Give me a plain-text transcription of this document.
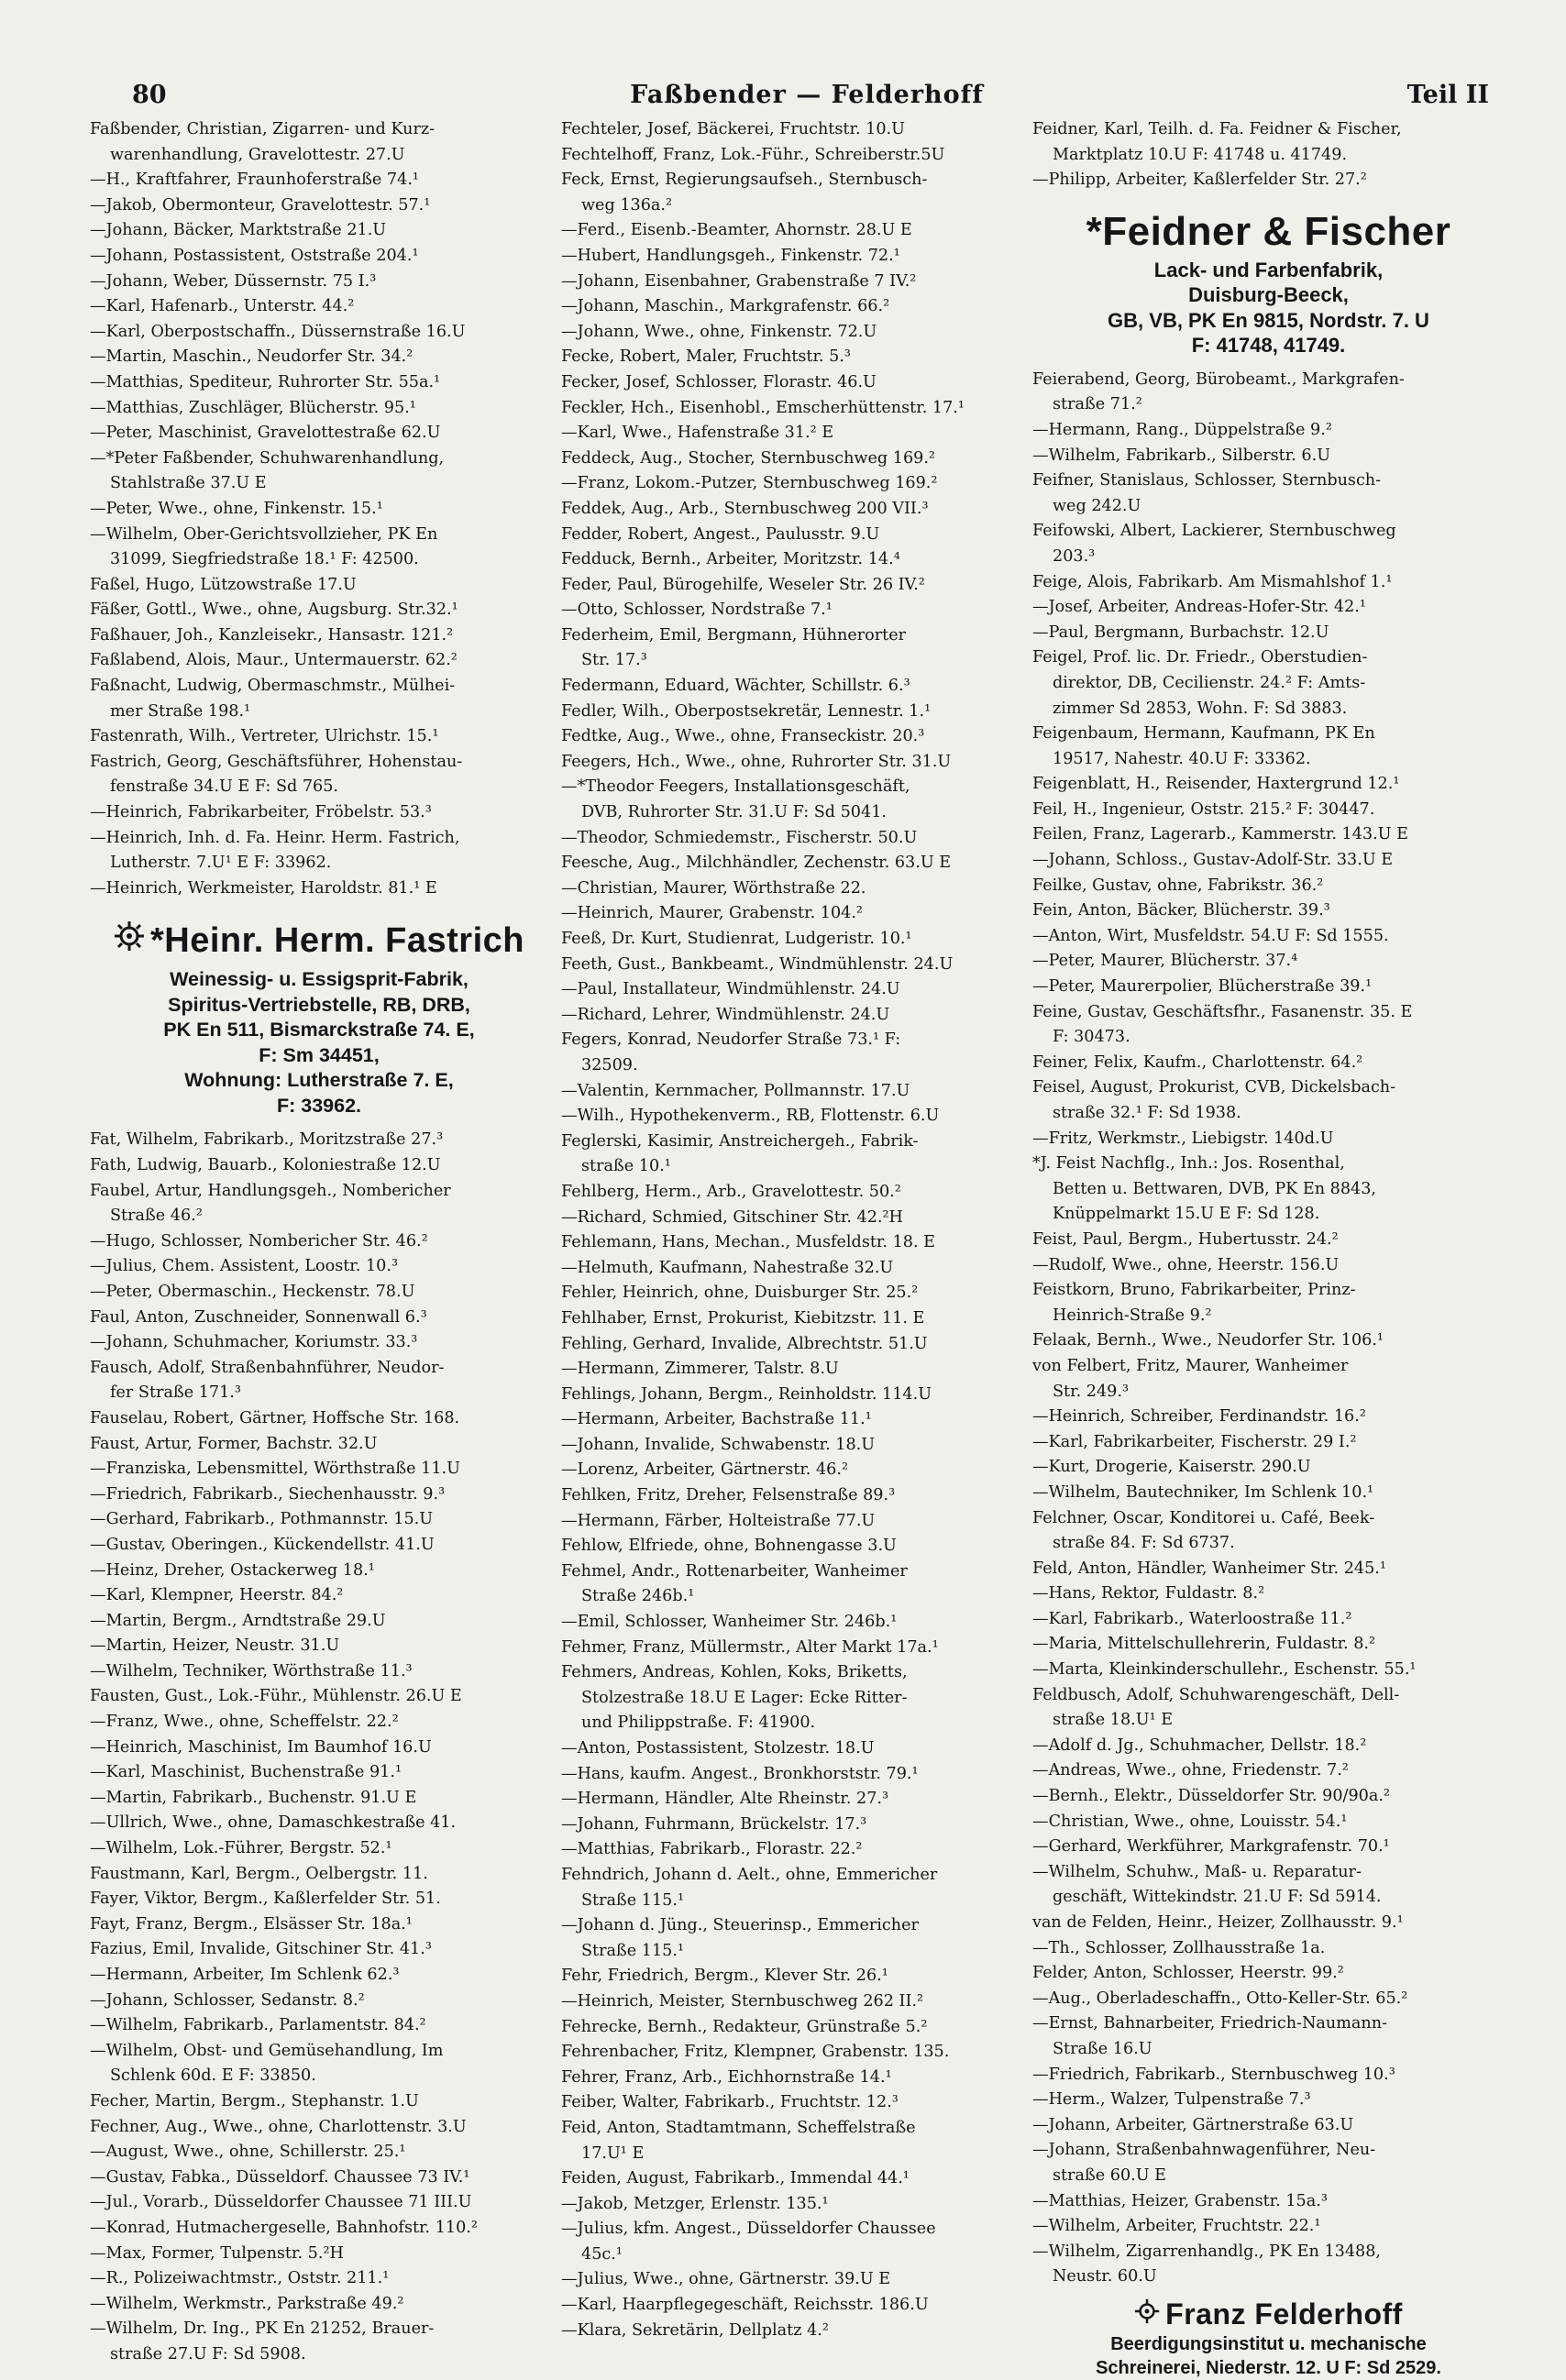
80	Faßbender — Felderhoff	Teil II
Faßbender, Christian, Zigarren- und Kurz-
warenhandlung, Gravelottestr. 27.U
—H., Kraftfahrer, Fraunhoferstraße 74.¹
—Jakob, Obermonteur, Gravelottestr. 57.¹
—Johann, Bäcker, Marktstraße 21.U
—Johann, Postassistent, Oststraße 204.¹
—Johann, Weber, Düssernstr. 75 I.³
—Karl, Hafenarb., Unterstr. 44.²
—Karl, Oberpostschaffn., Düssernstraße 16.U
—Martin, Maschin., Neudorfer Str. 34.²
—Matthias, Spediteur, Ruhrorter Str. 55a.¹
—Matthias, Zuschläger, Blücherstr. 95.¹
—Peter, Maschinist, Gravelottestraße 62.U
—*Peter Faßbender, Schuhwarenhandlung,
Stahlstraße 37.U E
—Peter, Wwe., ohne, Finkenstr. 15.¹
—Wilhelm, Ober-Gerichtsvollzieher, PK En
31099, Siegfriedstraße 18.¹ F: 42500.
Faßel, Hugo, Lützowstraße 17.U
Fäßer, Gottl., Wwe., ohne, Augsburg. Str.32.¹
Faßhauer, Joh., Kanzleisekr., Hansastr. 121.²
Faßlabend, Alois, Maur., Untermauerstr. 62.²
Faßnacht, Ludwig, Obermaschmstr., Mülhei-
mer Straße 198.¹
Fastenrath, Wilh., Vertreter, Ulrichstr. 15.¹
Fastrich, Georg, Geschäftsführer, Hohenstau-
fenstraße 34.U E F: Sd 765.
—Heinrich, Fabrikarbeiter, Fröbelstr. 53.³
—Heinrich, Inh. d. Fa. Heinr. Herm. Fastrich,
Lutherstr. 7.U¹ E F: 33962.
—Heinrich, Werkmeister, Haroldstr. 81.¹ E
*Heinr. Herm. Fastrich
Weinessig- u. Essigsprit-Fabrik,
Spiritus-Vertriebstelle, RB, DRB,
PK En 511, Bismarckstraße 74. E,
F: Sm 34451,
Wohnung: Lutherstraße 7. E,
F: 33962.
Fat, Wilhelm, Fabrikarb., Moritzstraße 27.³
Fath, Ludwig, Bauarb., Koloniestraße 12.U
Faubel, Artur, Handlungsgeh., Nombericher
Straße 46.²
—Hugo, Schlosser, Nombericher Str. 46.²
—Julius, Chem. Assistent, Loostr. 10.³
—Peter, Obermaschin., Heckenstr. 78.U
Faul, Anton, Zuschneider, Sonnenwall 6.³
—Johann, Schuhmacher, Koriumstr. 33.³
Fausch, Adolf, Straßenbahnführer, Neudor-
fer Straße 171.³
Fauselau, Robert, Gärtner, Hoffsche Str. 168.
Faust, Artur, Former, Bachstr. 32.U
—Franziska, Lebensmittel, Wörthstraße 11.U
—Friedrich, Fabrikarb., Siechenhausstr. 9.³
—Gerhard, Fabrikarb., Pothmannstr. 15.U
—Gustav, Oberingen., Kückendellstr. 41.U
—Heinz, Dreher, Ostackerweg 18.¹
—Karl, Klempner, Heerstr. 84.²
—Martin, Bergm., Arndtstraße 29.U
—Martin, Heizer, Neustr. 31.U
—Wilhelm, Techniker, Wörthstraße 11.³
Fausten, Gust., Lok.-Führ., Mühlenstr. 26.U E
—Franz, Wwe., ohne, Scheffelstr. 22.²
—Heinrich, Maschinist, Im Baumhof 16.U
—Karl, Maschinist, Buchenstraße 91.¹
—Martin, Fabrikarb., Buchenstr. 91.U E
—Ullrich, Wwe., ohne, Damaschkestraße 41.
—Wilhelm, Lok.-Führer, Bergstr. 52.¹
Faustmann, Karl, Bergm., Oelbergstr. 11.
Fayer, Viktor, Bergm., Kaßlerfelder Str. 51.
Fayt, Franz, Bergm., Elsässer Str. 18a.¹
Fazius, Emil, Invalide, Gitschiner Str. 41.³
—Hermann, Arbeiter, Im Schlenk 62.³
—Johann, Schlosser, Sedanstr. 8.²
—Wilhelm, Fabrikarb., Parlamentstr. 84.²
—Wilhelm, Obst- und Gemüsehandlung, Im
Schlenk 60d. E F: 33850.
Fecher, Martin, Bergm., Stephanstr. 1.U
Fechner, Aug., Wwe., ohne, Charlottenstr. 3.U
—August, Wwe., ohne, Schillerstr. 25.¹
—Gustav, Fabka., Düsseldorf. Chaussee 73 IV.¹
—Jul., Vorarb., Düsseldorfer Chaussee 71 III.U
—Konrad, Hutmachergeselle, Bahnhofstr. 110.²
—Max, Former, Tulpenstr. 5.²H
—R., Polizeiwachtmstr., Oststr. 211.¹
—Wilhelm, Werkmstr., Parkstraße 49.²
—Wilhelm, Dr. Ing., PK En 21252, Brauer-
straße 27.U F: Sd 5908.
Fechteler, Josef, Bäckerei, Fruchtstr. 10.U
Fechtelhoff, Franz, Lok.-Führ., Schreiberstr.5U
Feck, Ernst, Regierungsaufseh., Sternbusch-
weg 136a.²
—Ferd., Eisenb.-Beamter, Ahornstr. 28.U E
—Hubert, Handlungsgeh., Finkenstr. 72.¹
—Johann, Eisenbahner, Grabenstraße 7 IV.²
—Johann, Maschin., Markgrafenstr. 66.²
—Johann, Wwe., ohne, Finkenstr. 72.U
Fecke, Robert, Maler, Fruchtstr. 5.³
Fecker, Josef, Schlosser, Florastr. 46.U
Feckler, Hch., Eisenhobl., Emscherhüttenstr. 17.¹
—Karl, Wwe., Hafenstraße 31.² E
Feddeck, Aug., Stocher, Sternbuschweg 169.²
—Franz, Lokom.-Putzer, Sternbuschweg 169.²
Feddek, Aug., Arb., Sternbuschweg 200 VII.³
Fedder, Robert, Angest., Paulusstr. 9.U
Fedduck, Bernh., Arbeiter, Moritzstr. 14.⁴
Feder, Paul, Bürogehilfe, Weseler Str. 26 IV.²
—Otto, Schlosser, Nordstraße 7.¹
Federheim, Emil, Bergmann, Hühnerorter
Str. 17.³
Federmann, Eduard, Wächter, Schillstr. 6.³
Fedler, Wilh., Oberpostsekretär, Lennestr. 1.¹
Fedtke, Aug., Wwe., ohne, Franseckistr. 20.³
Feegers, Hch., Wwe., ohne, Ruhrorter Str. 31.U
—*Theodor Feegers, Installationsgeschäft,
DVB, Ruhrorter Str. 31.U F: Sd 5041.
—Theodor, Schmiedemstr., Fischerstr. 50.U
Feesche, Aug., Milchhändler, Zechenstr. 63.U E
—Christian, Maurer, Wörthstraße 22.
—Heinrich, Maurer, Grabenstr. 104.²
Feeß, Dr. Kurt, Studienrat, Ludgeristr. 10.¹
Feeth, Gust., Bankbeamt., Windmühlenstr. 24.U
—Paul, Installateur, Windmühlenstr. 24.U
—Richard, Lehrer, Windmühlenstr. 24.U
Fegers, Konrad, Neudorfer Straße 73.¹ F:
32509.
—Valentin, Kernmacher, Pollmannstr. 17.U
—Wilh., Hypothekenverm., RB, Flottenstr. 6.U
Feglerski, Kasimir, Anstreichergeh., Fabrik-
straße 10.¹
Fehlberg, Herm., Arb., Gravelottestr. 50.²
—Richard, Schmied, Gitschiner Str. 42.²H
Fehlemann, Hans, Mechan., Musfeldstr. 18. E
—Helmuth, Kaufmann, Nahestraße 32.U
Fehler, Heinrich, ohne, Duisburger Str. 25.²
Fehlhaber, Ernst, Prokurist, Kiebitzstr. 11. E
Fehling, Gerhard, Invalide, Albrechtstr. 51.U
—Hermann, Zimmerer, Talstr. 8.U
Fehlings, Johann, Bergm., Reinholdstr. 114.U
—Hermann, Arbeiter, Bachstraße 11.¹
—Johann, Invalide, Schwabenstr. 18.U
—Lorenz, Arbeiter, Gärtnerstr. 46.²
Fehlken, Fritz, Dreher, Felsenstraße 89.³
—Hermann, Färber, Holteistraße 77.U
Fehlow, Elfriede, ohne, Bohnengasse 3.U
Fehmel, Andr., Rottenarbeiter, Wanheimer
Straße 246b.¹
—Emil, Schlosser, Wanheimer Str. 246b.¹
Fehmer, Franz, Müllermstr., Alter Markt 17a.¹
Fehmers, Andreas, Kohlen, Koks, Briketts,
Stolzestraße 18.U E Lager: Ecke Ritter-
und Philippstraße. F: 41900.
—Anton, Postassistent, Stolzestr. 18.U
—Hans, kaufm. Angest., Bronkhorststr. 79.¹
—Hermann, Händler, Alte Rheinstr. 27.³
—Johann, Fuhrmann, Brückelstr. 17.³
—Matthias, Fabrikarb., Florastr. 22.²
Fehndrich, Johann d. Aelt., ohne, Emmericher
Straße 115.¹
—Johann d. Jüng., Steuerinsp., Emmericher
Straße 115.¹
Fehr, Friedrich, Bergm., Klever Str. 26.¹
—Heinrich, Meister, Sternbuschweg 262 II.²
Fehrecke, Bernh., Redakteur, Grünstraße 5.²
Fehrenbacher, Fritz, Klempner, Grabenstr. 135.
Fehrer, Franz, Arb., Eichhornstraße 14.¹
Feiber, Walter, Fabrikarb., Fruchtstr. 12.³
Feid, Anton, Stadtamtmann, Scheffelstraße
17.U¹ E
Feiden, August, Fabrikarb., Immendal 44.¹
—Jakob, Metzger, Erlenstr. 135.¹
—Julius, kfm. Angest., Düsseldorfer Chaussee
45c.¹
—Julius, Wwe., ohne, Gärtnerstr. 39.U E
—Karl, Haarpflegegeschäft, Reichsstr. 186.U
—Klara, Sekretärin, Dellplatz 4.²
Feidner, Karl, Teilh. d. Fa. Feidner & Fischer,
Marktplatz 10.U F: 41748 u. 41749.
—Philipp, Arbeiter, Kaßlerfelder Str. 27.²
*Feidner & Fischer
Lack- und Farbenfabrik,
Duisburg-Beeck,
GB, VB, PK En 9815, Nordstr. 7. U
F: 41748, 41749.
Feierabend, Georg, Bürobeamt., Markgrafen-
straße 71.²
—Hermann, Rang., Düppelstraße 9.²
—Wilhelm, Fabrikarb., Silberstr. 6.U
Feifner, Stanislaus, Schlosser, Sternbusch-
weg 242.U
Feifowski, Albert, Lackierer, Sternbuschweg
203.³
Feige, Alois, Fabrikarb. Am Mismahlshof 1.¹
—Josef, Arbeiter, Andreas-Hofer-Str. 42.¹
—Paul, Bergmann, Burbachstr. 12.U
Feigel, Prof. lic. Dr. Friedr., Oberstudien-
direktor, DB, Cecilienstr. 24.² F: Amts-
zimmer Sd 2853, Wohn. F: Sd 3883.
Feigenbaum, Hermann, Kaufmann, PK En
19517, Nahestr. 40.U F: 33362.
Feigenblatt, H., Reisender, Haxtergrund 12.¹
Feil, H., Ingenieur, Oststr. 215.² F: 30447.
Feilen, Franz, Lagerarb., Kammerstr. 143.U E
—Johann, Schloss., Gustav-Adolf-Str. 33.U E
Feilke, Gustav, ohne, Fabrikstr. 36.²
Fein, Anton, Bäcker, Blücherstr. 39.³
—Anton, Wirt, Musfeldstr. 54.U F: Sd 1555.
—Peter, Maurer, Blücherstr. 37.⁴
—Peter, Maurerpolier, Blücherstraße 39.¹
Feine, Gustav, Geschäftsfhr., Fasanenstr. 35. E
F: 30473.
Feiner, Felix, Kaufm., Charlottenstr. 64.²
Feisel, August, Prokurist, CVB, Dickelsbach-
straße 32.¹ F: Sd 1938.
—Fritz, Werkmstr., Liebigstr. 140d.U
*J. Feist Nachflg., Inh.: Jos. Rosenthal,
Betten u. Bettwaren, DVB, PK En 8843,
Knüppelmarkt 15.U E F: Sd 128.
Feist, Paul, Bergm., Hubertusstr. 24.²
—Rudolf, Wwe., ohne, Heerstr. 156.U
Feistkorn, Bruno, Fabrikarbeiter, Prinz-
Heinrich-Straße 9.²
Felaak, Bernh., Wwe., Neudorfer Str. 106.¹
von Felbert, Fritz, Maurer, Wanheimer
Str. 249.³
—Heinrich, Schreiber, Ferdinandstr. 16.²
—Karl, Fabrikarbeiter, Fischerstr. 29 I.²
—Kurt, Drogerie, Kaiserstr. 290.U
—Wilhelm, Bautechniker, Im Schlenk 10.¹
Felchner, Oscar, Konditorei u. Café, Beek-
straße 84. F: Sd 6737.
Feld, Anton, Händler, Wanheimer Str. 245.¹
—Hans, Rektor, Fuldastr. 8.²
—Karl, Fabrikarb., Waterloostraße 11.²
—Maria, Mittelschullehrerin, Fuldastr. 8.²
—Marta, Kleinkinderschullehr., Eschenstr. 55.¹
Feldbusch, Adolf, Schuhwarengeschäft, Dell-
straße 18.U¹ E
—Adolf d. Jg., Schuhmacher, Dellstr. 18.²
—Andreas, Wwe., ohne, Friedenstr. 7.²
—Bernh., Elektr., Düsseldorfer Str. 90/90a.²
—Christian, Wwe., ohne, Louisstr. 54.¹
—Gerhard, Werkführer, Markgrafenstr. 70.¹
—Wilhelm, Schuhw., Maß- u. Reparatur-
geschäft, Wittekindstr. 21.U F: Sd 5914.
van de Felden, Heinr., Heizer, Zollhausstr. 9.¹
—Th., Schlosser, Zollhausstraße 1a.
Felder, Anton, Schlosser, Heerstr. 99.²
—Aug., Oberladeschaffn., Otto-Keller-Str. 65.²
—Ernst, Bahnarbeiter, Friedrich-Naumann-
Straße 16.U
—Friedrich, Fabrikarb., Sternbuschweg 10.³
—Herm., Walzer, Tulpenstraße 7.³
—Johann, Arbeiter, Gärtnerstraße 63.U
—Johann, Straßenbahnwagenführer, Neu-
straße 60.U E
—Matthias, Heizer, Grabenstr. 15a.³
—Wilhelm, Arbeiter, Fruchtstr. 22.¹
—Wilhelm, Zigarrenhandlg., PK En 13488,
Neustr. 60.U
Franz Felderhoff
Beerdigungsinstitut u. mechanische
Schreinerei, Niederstr. 12. U F: Sd 2529.
